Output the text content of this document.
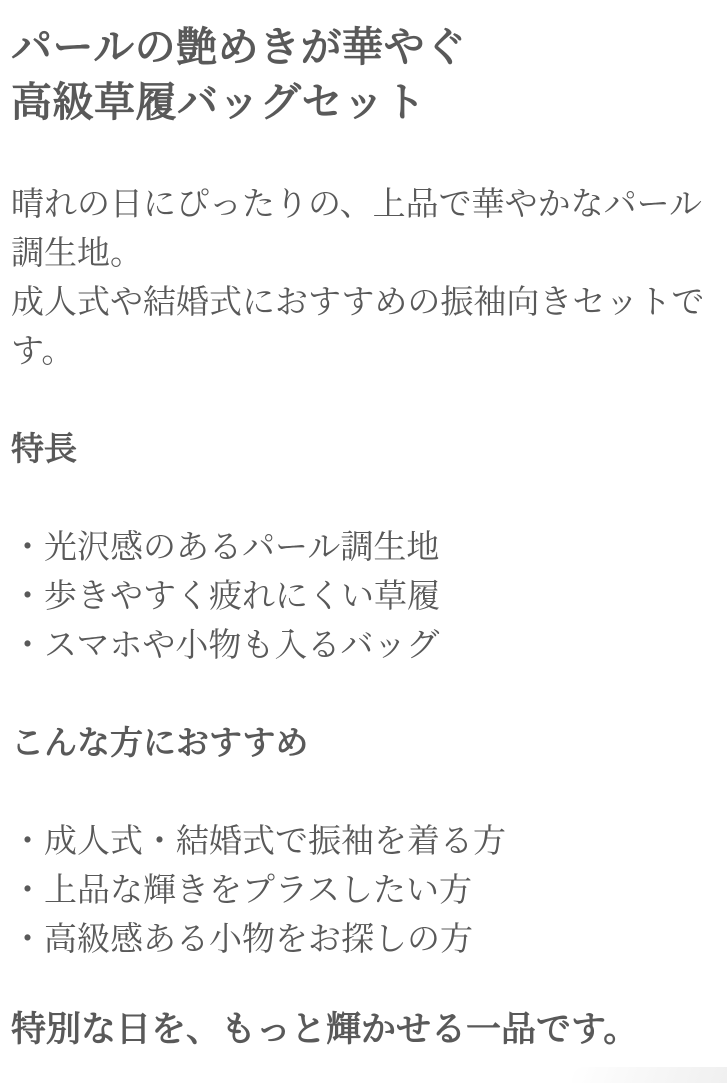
パールの艶めきが華やぐ
高級草履バッグセット

晴れの日にぴったりの、上品で華やかなパール調生地。
成人式や結婚式におすすめの振袖向きセットです。

特長
・光沢感のあるパール調生地
・歩きやすく疲れにくい草履
・スマホや小物も入るバッグ
こんな方におすすめ
・成人式・結婚式で振袖を着る方
・上品な輝きをプラスしたい方
・高級感ある小物をお探しの方

特別な日を、もっと輝かせる一品です。
